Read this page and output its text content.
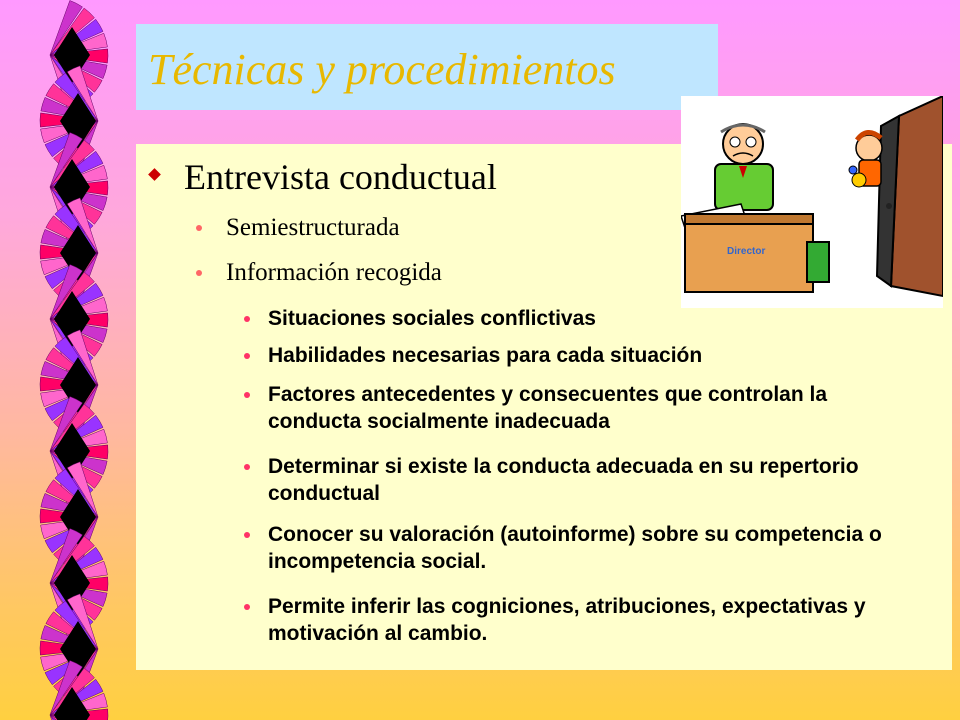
Técnicas y procedimientos
Director
Entrevista conductual
Semiestructurada
Información recogida
Situaciones sociales conflictivas
Habilidades necesarias para cada situación
Factores antecedentes y consecuentes que controlan la conducta socialmente inadecuada
Determinar si existe la conducta adecuada en su repertorio conductual
Conocer su valoración (autoinforme) sobre su competencia o incompetencia social.
Permite inferir las cogniciones, atribuciones, expectativas y motivación al cambio.
